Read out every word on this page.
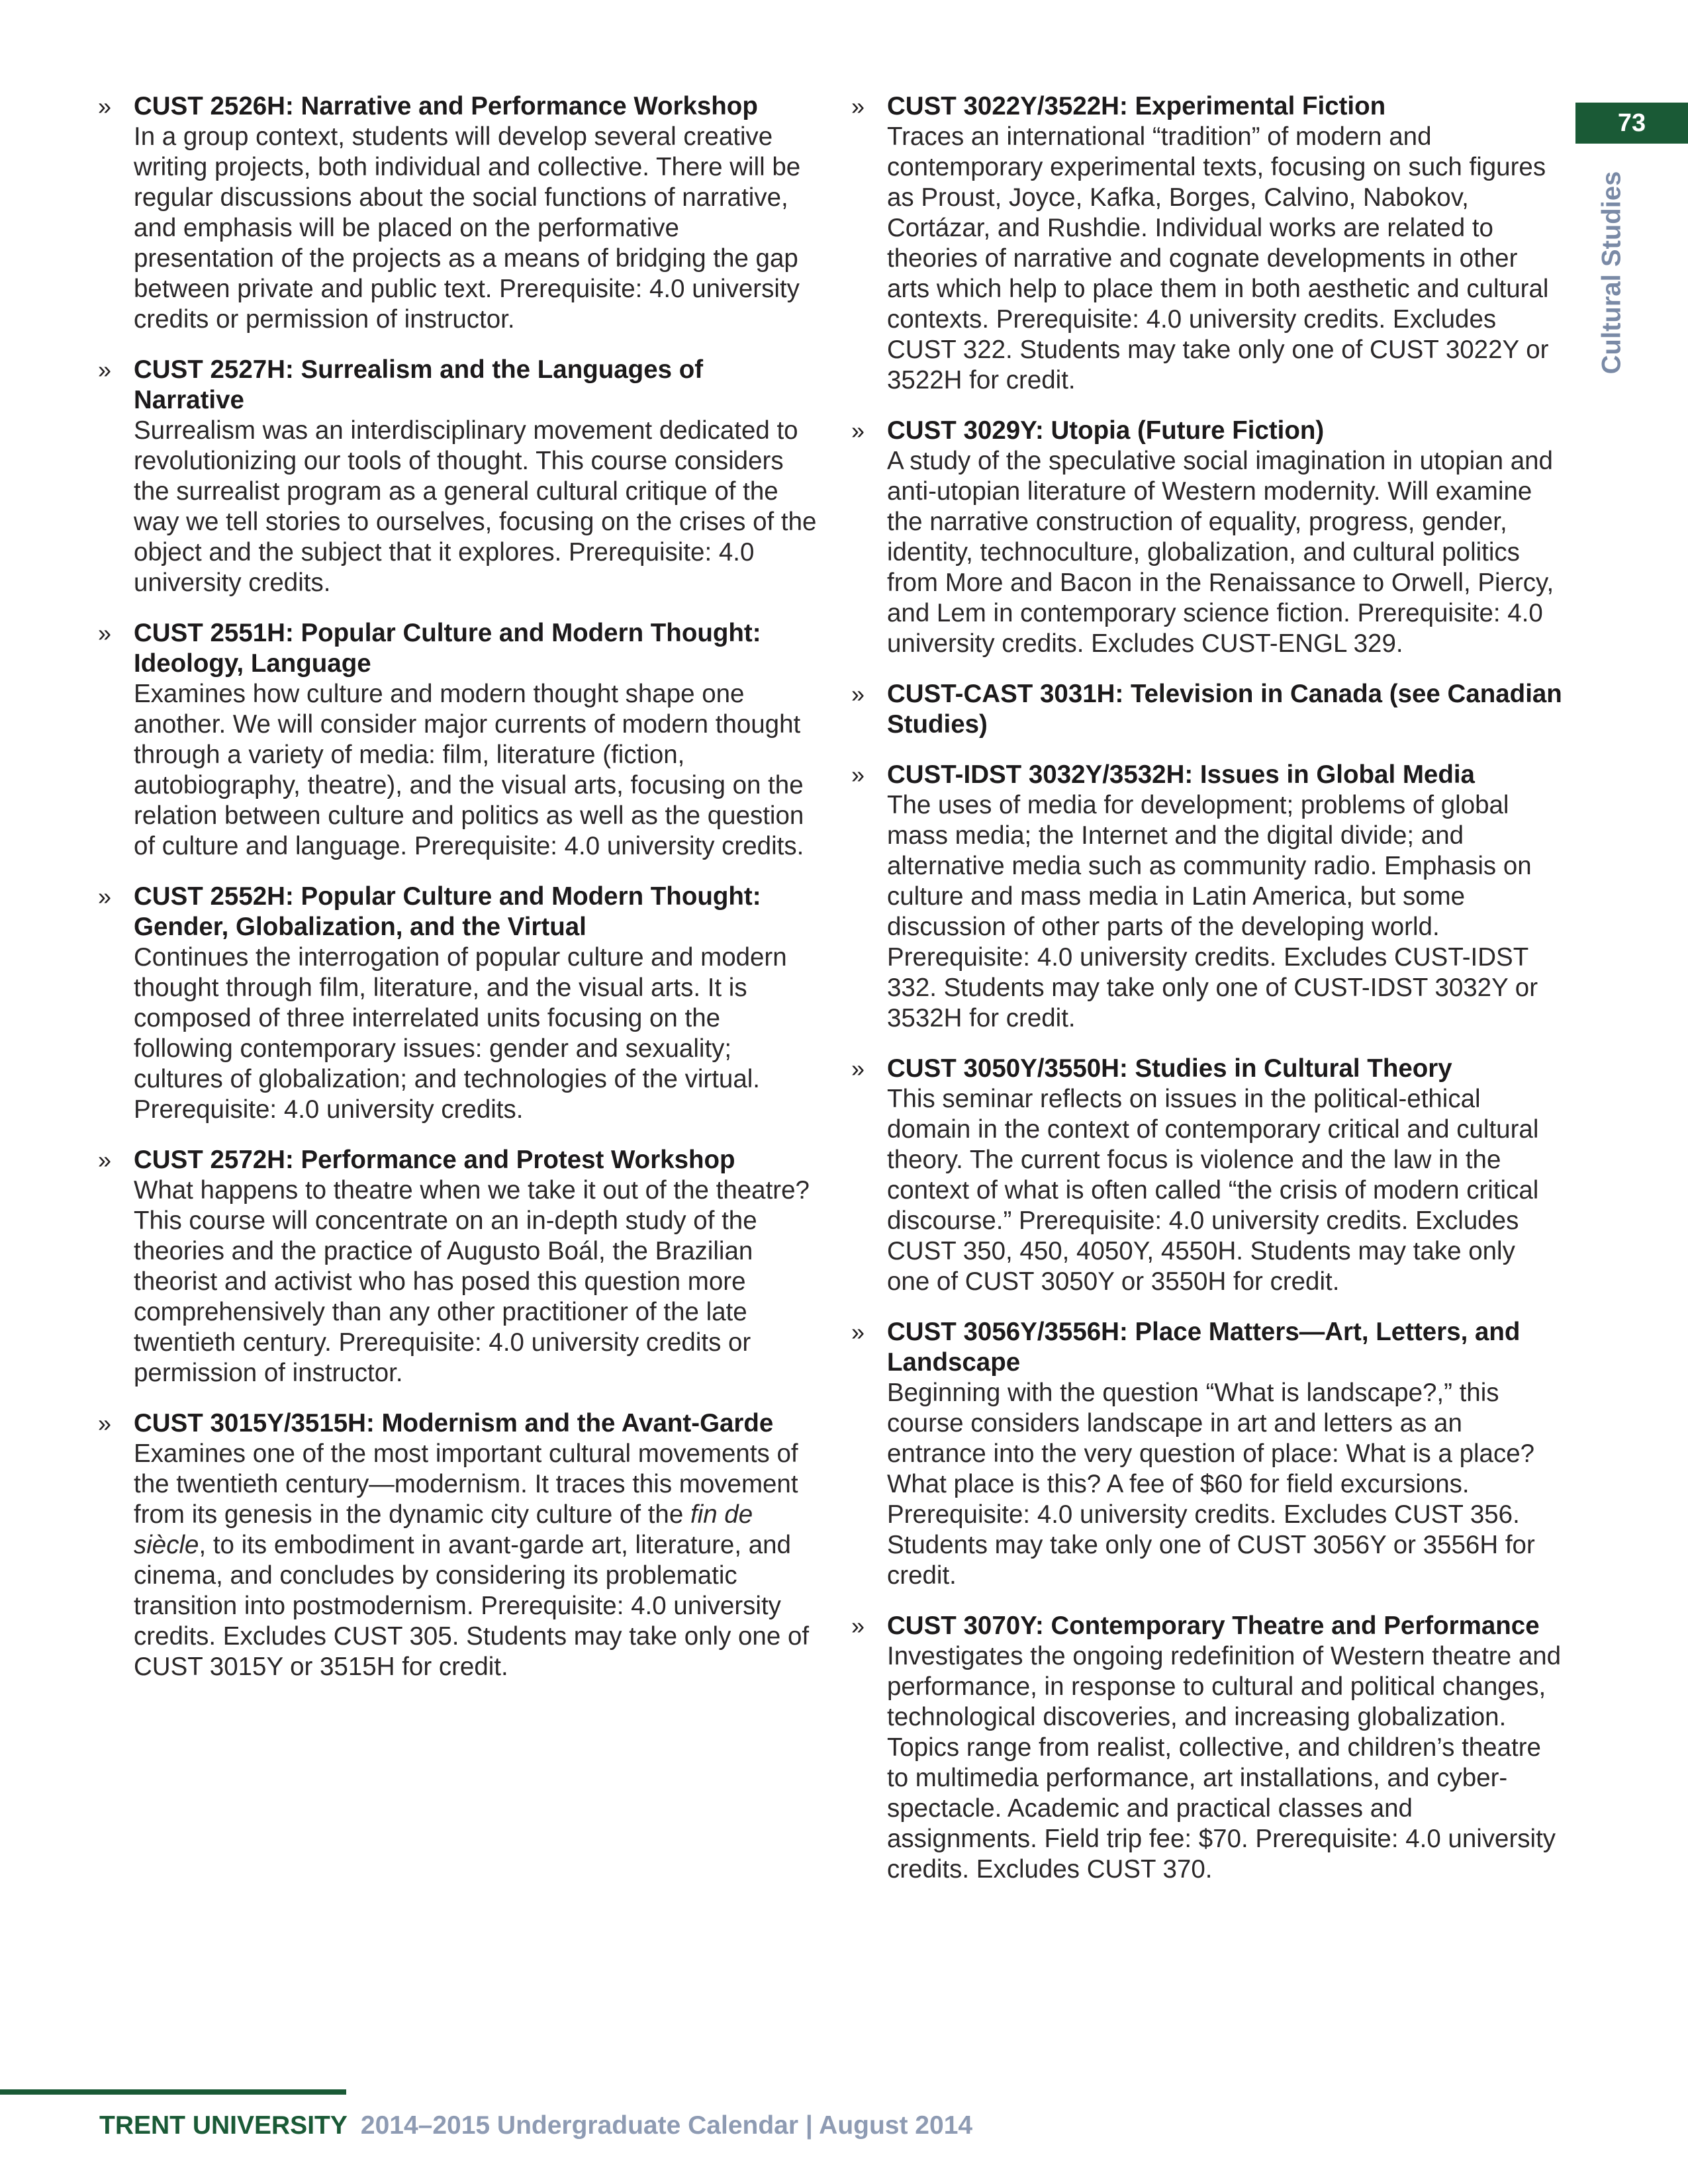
73
Cultural Studies
» CUST 2526H: Narrative and Performance Workshop

In a group context, students will develop several creative writing projects, both individual and collective. There will be regular discussions about the social functions of narrative, and emphasis will be placed on the performative presentation of the projects as a means of bridging the gap between private and public text. Prerequisite: 4.0 university credits or permission of instructor.

» CUST 2527H: Surrealism and the Languages of Narrative

Surrealism was an interdisciplinary movement dedicated to revolutionizing our tools of thought. This course considers the surrealist program as a general cultural critique of the way we tell stories to ourselves, focusing on the crises of the object and the subject that it explores. Prerequisite: 4.0 university credits.

» CUST 2551H: Popular Culture and Modern Thought: Ideology, Language

Examines how culture and modern thought shape one another. We will consider major currents of modern thought through a variety of media: film, literature (fiction, autobiography, theatre), and the visual arts, focusing on the relation between culture and politics as well as the question of culture and language. Prerequisite: 4.0 university credits.

» CUST 2552H: Popular Culture and Modern Thought: Gender, Globalization, and the Virtual

Continues the interrogation of popular culture and modern thought through film, literature, and the visual arts. It is composed of three interrelated units focusing on the following contemporary issues: gender and sexuality; cultures of globalization; and technologies of the virtual. Prerequisite: 4.0 university credits.

» CUST 2572H: Performance and Protest Workshop

What happens to theatre when we take it out of the theatre? This course will concentrate on an in-depth study of the theories and the practice of Augusto Boál, the Brazilian theorist and activist who has posed this question more comprehensively than any other practitioner of the late twentieth century. Prerequisite: 4.0 university credits or permission of instructor.

» CUST 3015Y/3515H: Modernism and the Avant-Garde

Examines one of the most important cultural movements of the twentieth century—modernism. It traces this movement from its genesis in the dynamic city culture of the fin de siècle, to its embodiment in avant-garde art, literature, and cinema, and concludes by considering its problematic transition into postmodernism. Prerequisite: 4.0 university credits. Excludes CUST 305. Students may take only one of CUST 3015Y or 3515H for credit.

» CUST 3022Y/3522H: Experimental Fiction

Traces an international “tradition” of modern and contemporary experimental texts, focusing on such figures as Proust, Joyce, Kafka, Borges, Calvino, Nabokov, Cortázar, and Rushdie. Individual works are related to theories of narrative and cognate developments in other arts which help to place them in both aesthetic and cultural contexts. Prerequisite: 4.0 university credits. Excludes CUST 322. Students may take only one of CUST 3022Y or 3522H for credit.

» CUST 3029Y: Utopia (Future Fiction)

A study of the speculative social imagination in utopian and anti-utopian literature of Western modernity. Will examine the narrative construction of equality, progress, gender, identity, technoculture, globalization, and cultural politics from More and Bacon in the Renaissance to Orwell, Piercy, and Lem in contemporary science fiction. Prerequisite: 4.0 university credits. Excludes CUST-ENGL 329.

» CUST-CAST 3031H: Television in Canada (see Canadian Studies)

» CUST-IDST 3032Y/3532H: Issues in Global Media

The uses of media for development; problems of global mass media; the Internet and the digital divide; and alternative media such as community radio. Emphasis on culture and mass media in Latin America, but some discussion of other parts of the developing world. Prerequisite: 4.0 university credits. Excludes CUST-IDST 332. Students may take only one of CUST-IDST 3032Y or 3532H for credit.

» CUST 3050Y/3550H: Studies in Cultural Theory

This seminar reflects on issues in the political-ethical domain in the context of contemporary critical and cultural theory. The current focus is violence and the law in the context of what is often called “the crisis of modern critical discourse.” Prerequisite: 4.0 university credits. Excludes CUST 350, 450, 4050Y, 4550H. Students may take only one of CUST 3050Y or 3550H for credit.

» CUST 3056Y/3556H: Place Matters—Art, Letters, and Landscape

Beginning with the question “What is landscape?,” this course considers landscape in art and letters as an entrance into the very question of place: What is a place? What place is this? A fee of $60 for field excursions. Prerequisite: 4.0 university credits. Excludes CUST 356. Students may take only one of CUST 3056Y or 3556H for credit.

» CUST 3070Y: Contemporary Theatre and Performance

Investigates the ongoing redefinition of Western theatre and performance, in response to cultural and political changes, technological discoveries, and increasing globalization. Topics range from realist, collective, and children’s theatre to multimedia performance, art installations, and cyber-spectacle. Academic and practical classes and assignments. Field trip fee: $70. Prerequisite: 4.0 university credits. Excludes CUST 370.

TRENT UNIVERSITY 2014–2015 Undergraduate Calendar | August 2014
